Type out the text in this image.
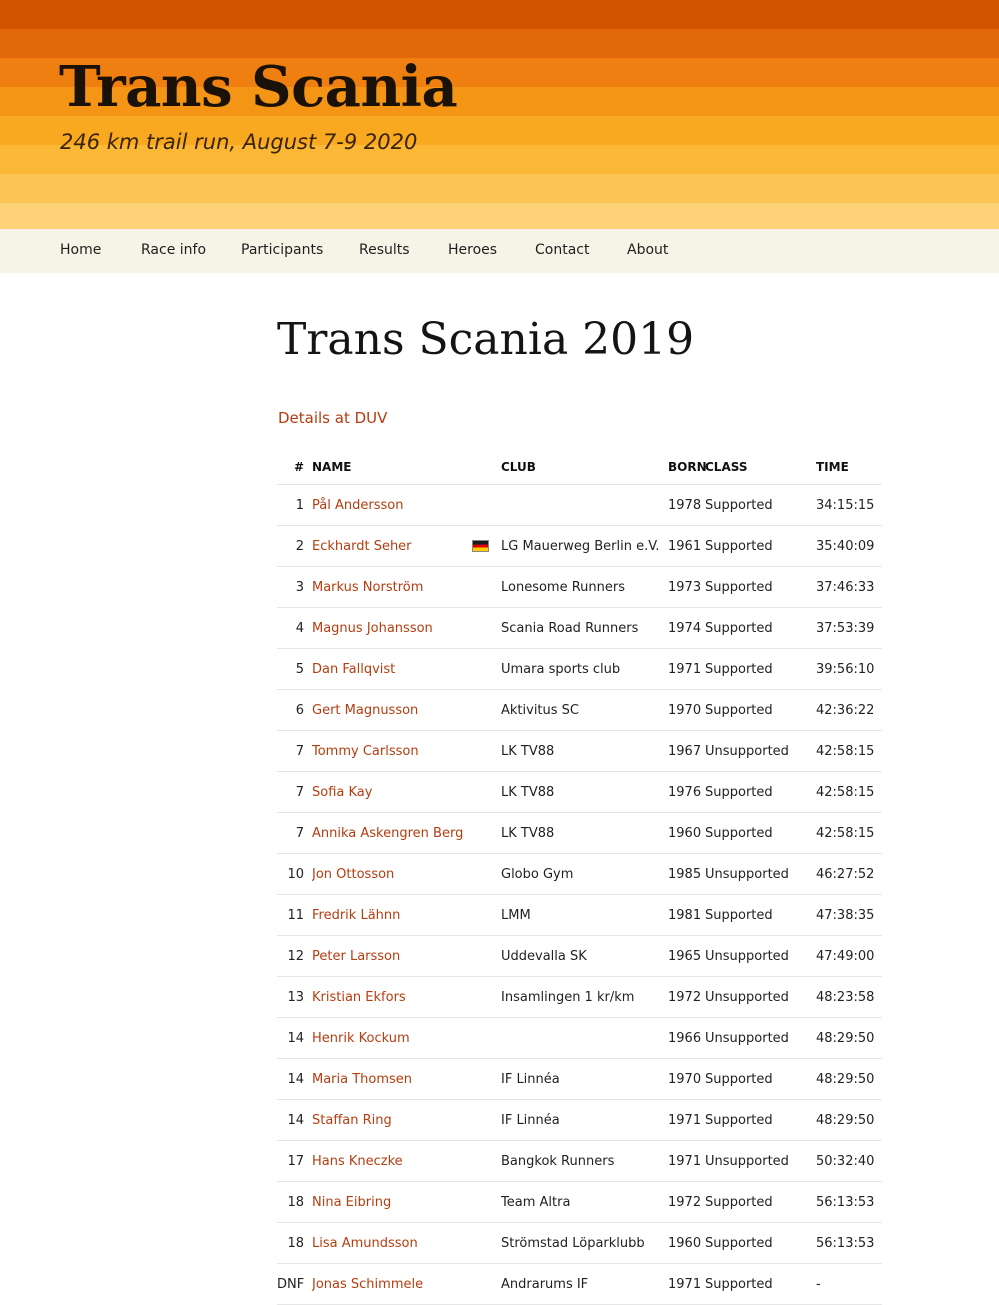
Trans Scania

246 km trail run, August 7-9 2020

Home	Race info Participants	Results	Heroes	Contact	About
Trans Scania 2019
Details at DUV
#	NAME		CLUB	BORN	CLASS	TIME
1	Pål Andersson			1978	Supported	34:15:15
2	Eckhardt Seher		LG Mauerweg Berlin e.V.	1961	Supported	35:40:09
3	Markus Norström		Lonesome Runners	1973	Supported	37:46:33
4	Magnus Johansson		Scania Road Runners	1974	Supported	37:53:39
5	Dan Fallqvist		Umara sports club	1971	Supported	39:56:10
6	Gert Magnusson		Aktivitus SC	1970	Supported	42:36:22
7	Tommy Carlsson		LK TV88	1967	Unsupported	42:58:15
7	Sofia Kay		LK TV88	1976	Supported	42:58:15
7	Annika Askengren Berg		LK TV88	1960	Supported	42:58:15
10	Jon Ottosson		Globo Gym	1985	Unsupported	46:27:52
11	Fredrik Lähnn		LMM	1981	Supported	47:38:35
12	Peter Larsson		Uddevalla SK	1965	Unsupported	47:49:00
13	Kristian Ekfors		Insamlingen 1 kr/km	1972	Unsupported	48:23:58
14	Henrik Kockum			1966	Unsupported	48:29:50
14	Maria Thomsen		IF Linnéa	1970	Supported	48:29:50
14	Staffan Ring		IF Linnéa	1971	Supported	48:29:50
17	Hans Kneczke		Bangkok Runners	1971	Unsupported	50:32:40
18	Nina Eibring		Team Altra	1972	Supported	56:13:53
18	Lisa Amundsson		Strömstad Löparklubb	1960	Supported	56:13:53
DNF	Jonas Schimmele		Andrarums IF	1971	Supported	-
